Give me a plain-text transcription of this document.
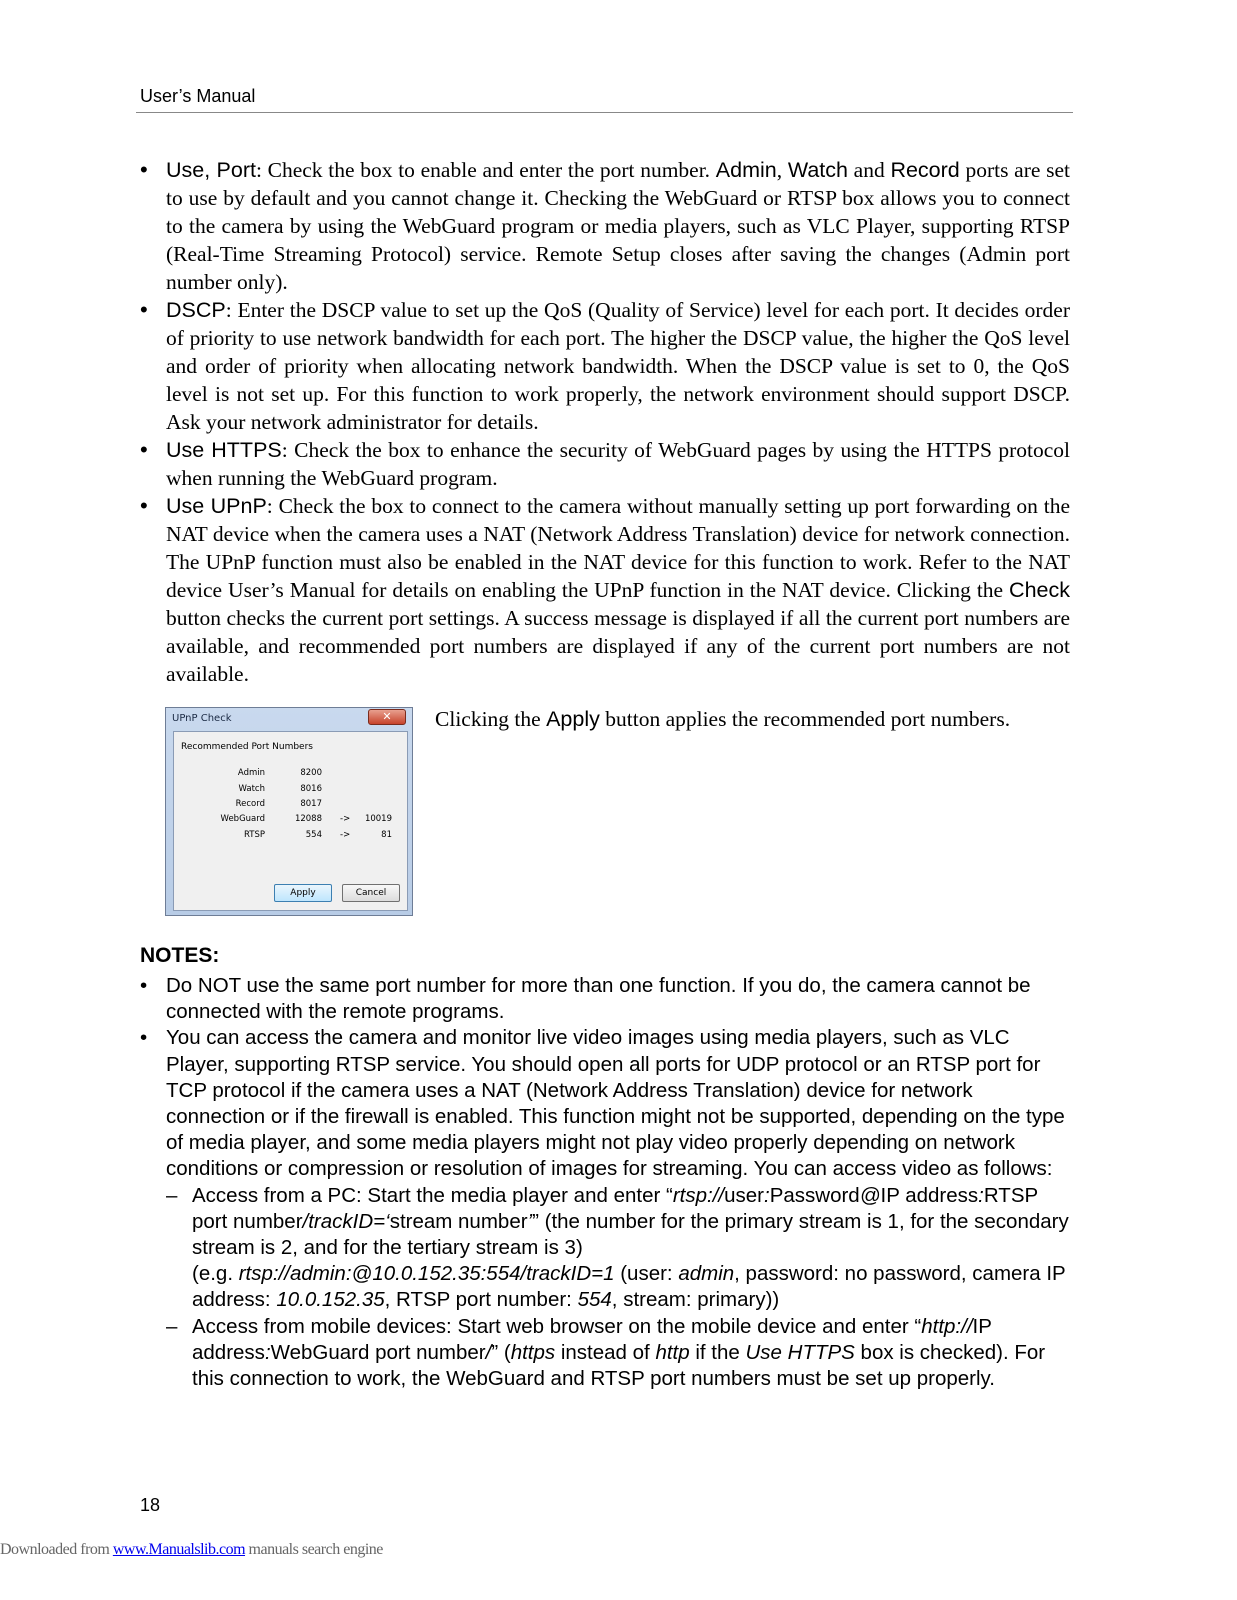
User’s Manual
• Use, Port: Check the box to enable and enter the port number. Admin, Watch and Record ports are set to use by default and you cannot change it. Checking the WebGuard or RTSP box allows you to connect to the camera by using the WebGuard program or media players, such as VLC Player, supporting RTSP (Real-Time Streaming Protocol) service. Remote Setup closes after saving the changes (Admin port number only).
• DSCP: Enter the DSCP value to set up the QoS (Quality of Service) level for each port. It decides order of priority to use network bandwidth for each port. The higher the DSCP value, the higher the QoS level and order of priority when allocating network bandwidth. When the DSCP value is set to 0, the QoS level is not set up. For this function to work properly, the network environment should support DSCP. Ask your network administrator for details.
• Use HTTPS: Check the box to enhance the security of WebGuard pages by using the HTTPS protocol when running the WebGuard program.
• Use UPnP: Check the box to connect to the camera without manually setting up port forwarding on the NAT device when the camera uses a NAT (Network Address Translation) device for network connection. The UPnP function must also be enabled in the NAT device for this function to work. Refer to the NAT device User’s Manual for details on enabling the UPnP function in the NAT device. Clicking the Check button checks the current port settings. A success message is displayed if all the current port numbers are available, and recommended port numbers are displayed if any of the current port numbers are not available.
UPnP Check	✕
Recommended Port Numbers
Admin	8200
Watch	8016
Record	8017
WebGuard	12088 -> 10019
RTSP	554 ->	81
Apply	Cancel
Clicking the Apply button applies the recommended port numbers.
NOTES:
• Do NOT use the same port number for more than one function. If you do, the camera cannot be connected with the remote programs.
• You can access the camera and monitor live video images using media players, such as VLC Player, supporting RTSP service. You should open all ports for UDP protocol or an RTSP port for TCP protocol if the camera uses a NAT (Network Address Translation) device for network connection or if the firewall is enabled. This function might not be supported, depending on the type of media player, and some media players might not play video properly depending on network conditions or compression or resolution of images for streaming. You can access video as follows:
– Access from a PC: Start the media player and enter “rtsp://user:Password@IP address:RTSP port number/trackID=‘stream number’” (the number for the primary stream is 1, for the secondary stream is 2, and for the tertiary stream is 3)
(e.g. rtsp://admin:@10.0.152.35:554/trackID=1 (user: admin, password: no password, camera IP address: 10.0.152.35, RTSP port number: 554, stream: primary))
– Access from mobile devices: Start web browser on the mobile device and enter “http://IP address:WebGuard port number/” (https instead of http if the Use HTTPS box is checked). For this connection to work, the WebGuard and RTSP port numbers must be set up properly.
18
Downloaded from www.Manualslib.com manuals search engine
